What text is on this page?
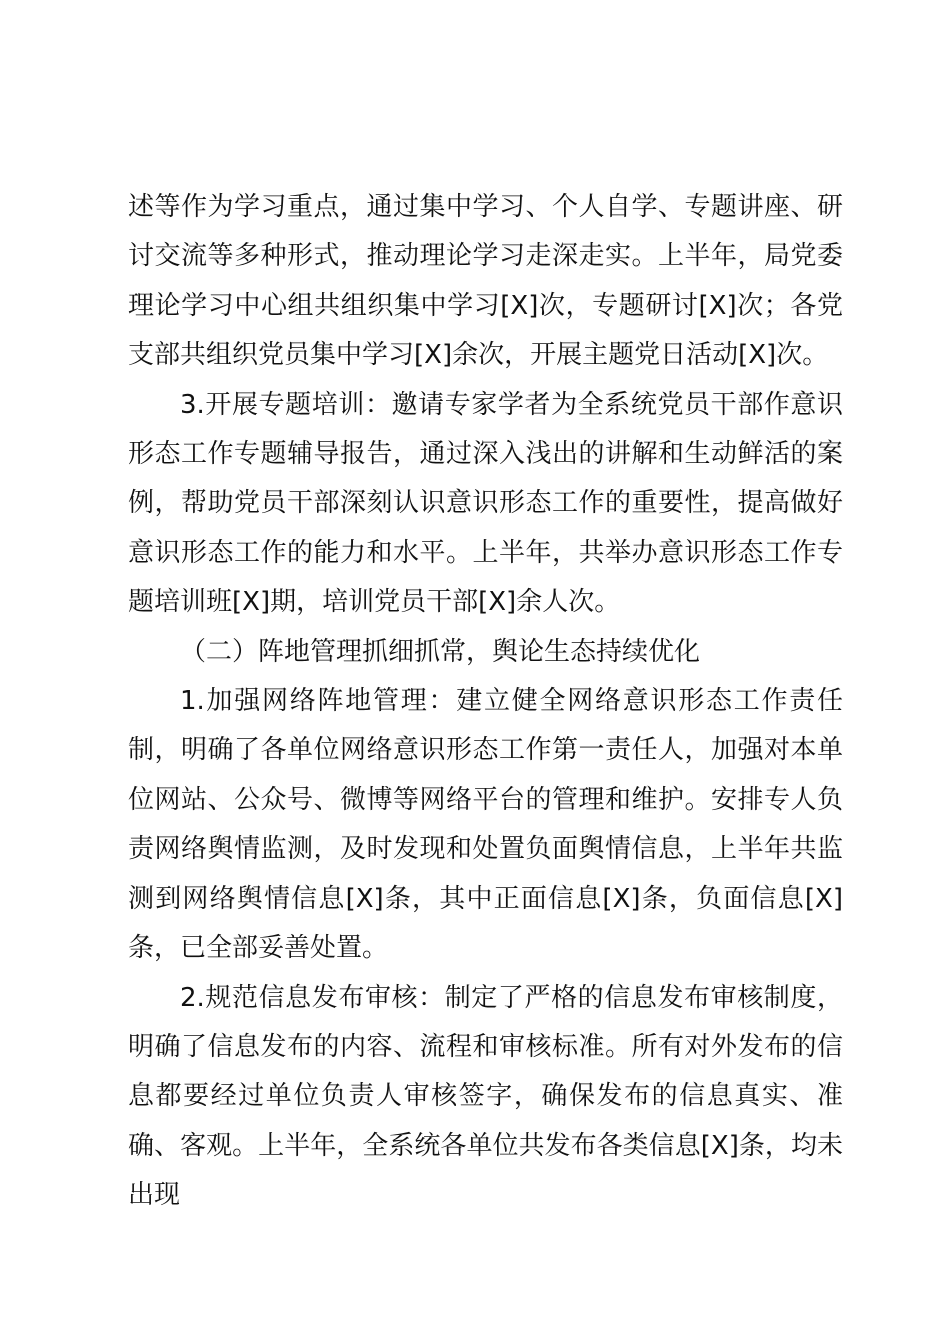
述等作为学习重点，通过集中学习、个人自学、专题讲座、研讨交流等多种形式，推动理论学习走深走实。上半年，局党委理论学习中心组共组织集中学习[X]次，专题研讨[X]次；各党支部共组织党员集中学习[X]余次，开展主题党日活动[X]次。

3.开展专题培训：邀请专家学者为全系统党员干部作意识形态工作专题辅导报告，通过深入浅出的讲解和生动鲜活的案例，帮助党员干部深刻认识意识形态工作的重要性，提高做好意识形态工作的能力和水平。上半年，共举办意识形态工作专题培训班[X]期，培训党员干部[X]余人次。

（二）阵地管理抓细抓常，舆论生态持续优化

1.加强网络阵地管理：建立健全网络意识形态工作责任制，明确了各单位网络意识形态工作第一责任人，加强对本单位网站、公众号、微博等网络平台的管理和维护。安排专人负责网络舆情监测，及时发现和处置负面舆情信息，上半年共监测到网络舆情信息[X]条，其中正面信息[X]条，负面信息[X]条，已全部妥善处置。

2.规范信息发布审核：制定了严格的信息发布审核制度，明确了信息发布的内容、流程和审核标准。所有对外发布的信息都要经过单位负责人审核签字，确保发布的信息真实、准确、客观。上半年，全系统各单位共发布各类信息[X]条，均未出现
